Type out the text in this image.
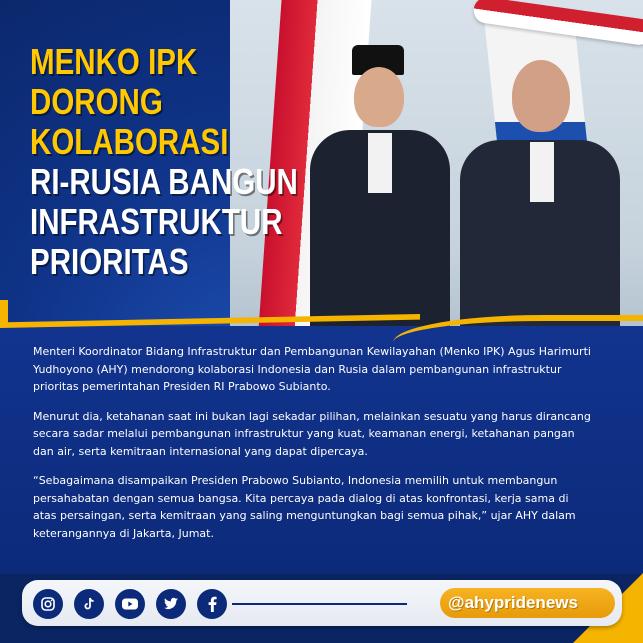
MENKO IPK
DORONG
KOLABORASI
RI-RUSIA BANGUN
INFRASTRUKTUR
PRIORITAS

Menteri Koordinator Bidang Infrastruktur dan Pembangunan Kewilayahan (Menko IPK) Agus Harimurti Yudhoyono (AHY) mendorong kolaborasi Indonesia dan Rusia dalam pembangunan infrastruktur prioritas pemerintahan Presiden RI Prabowo Subianto.

Menurut dia, ketahanan saat ini bukan lagi sekadar pilihan, melainkan sesuatu yang harus dirancang secara sadar melalui pembangunan infrastruktur yang kuat, keamanan energi, ketahanan pangan dan air, serta kemitraan internasional yang dapat dipercaya.

“Sebagaimana disampaikan Presiden Prabowo Subianto, Indonesia memilih untuk membangun persahabatan dengan semua bangsa. Kita percaya pada dialog di atas konfrontasi, kerja sama di atas persaingan, serta kemitraan yang saling menguntungkan bagi semua pihak,” ujar AHY dalam keterangannya di Jakarta, Jumat.

@ahypridenews
